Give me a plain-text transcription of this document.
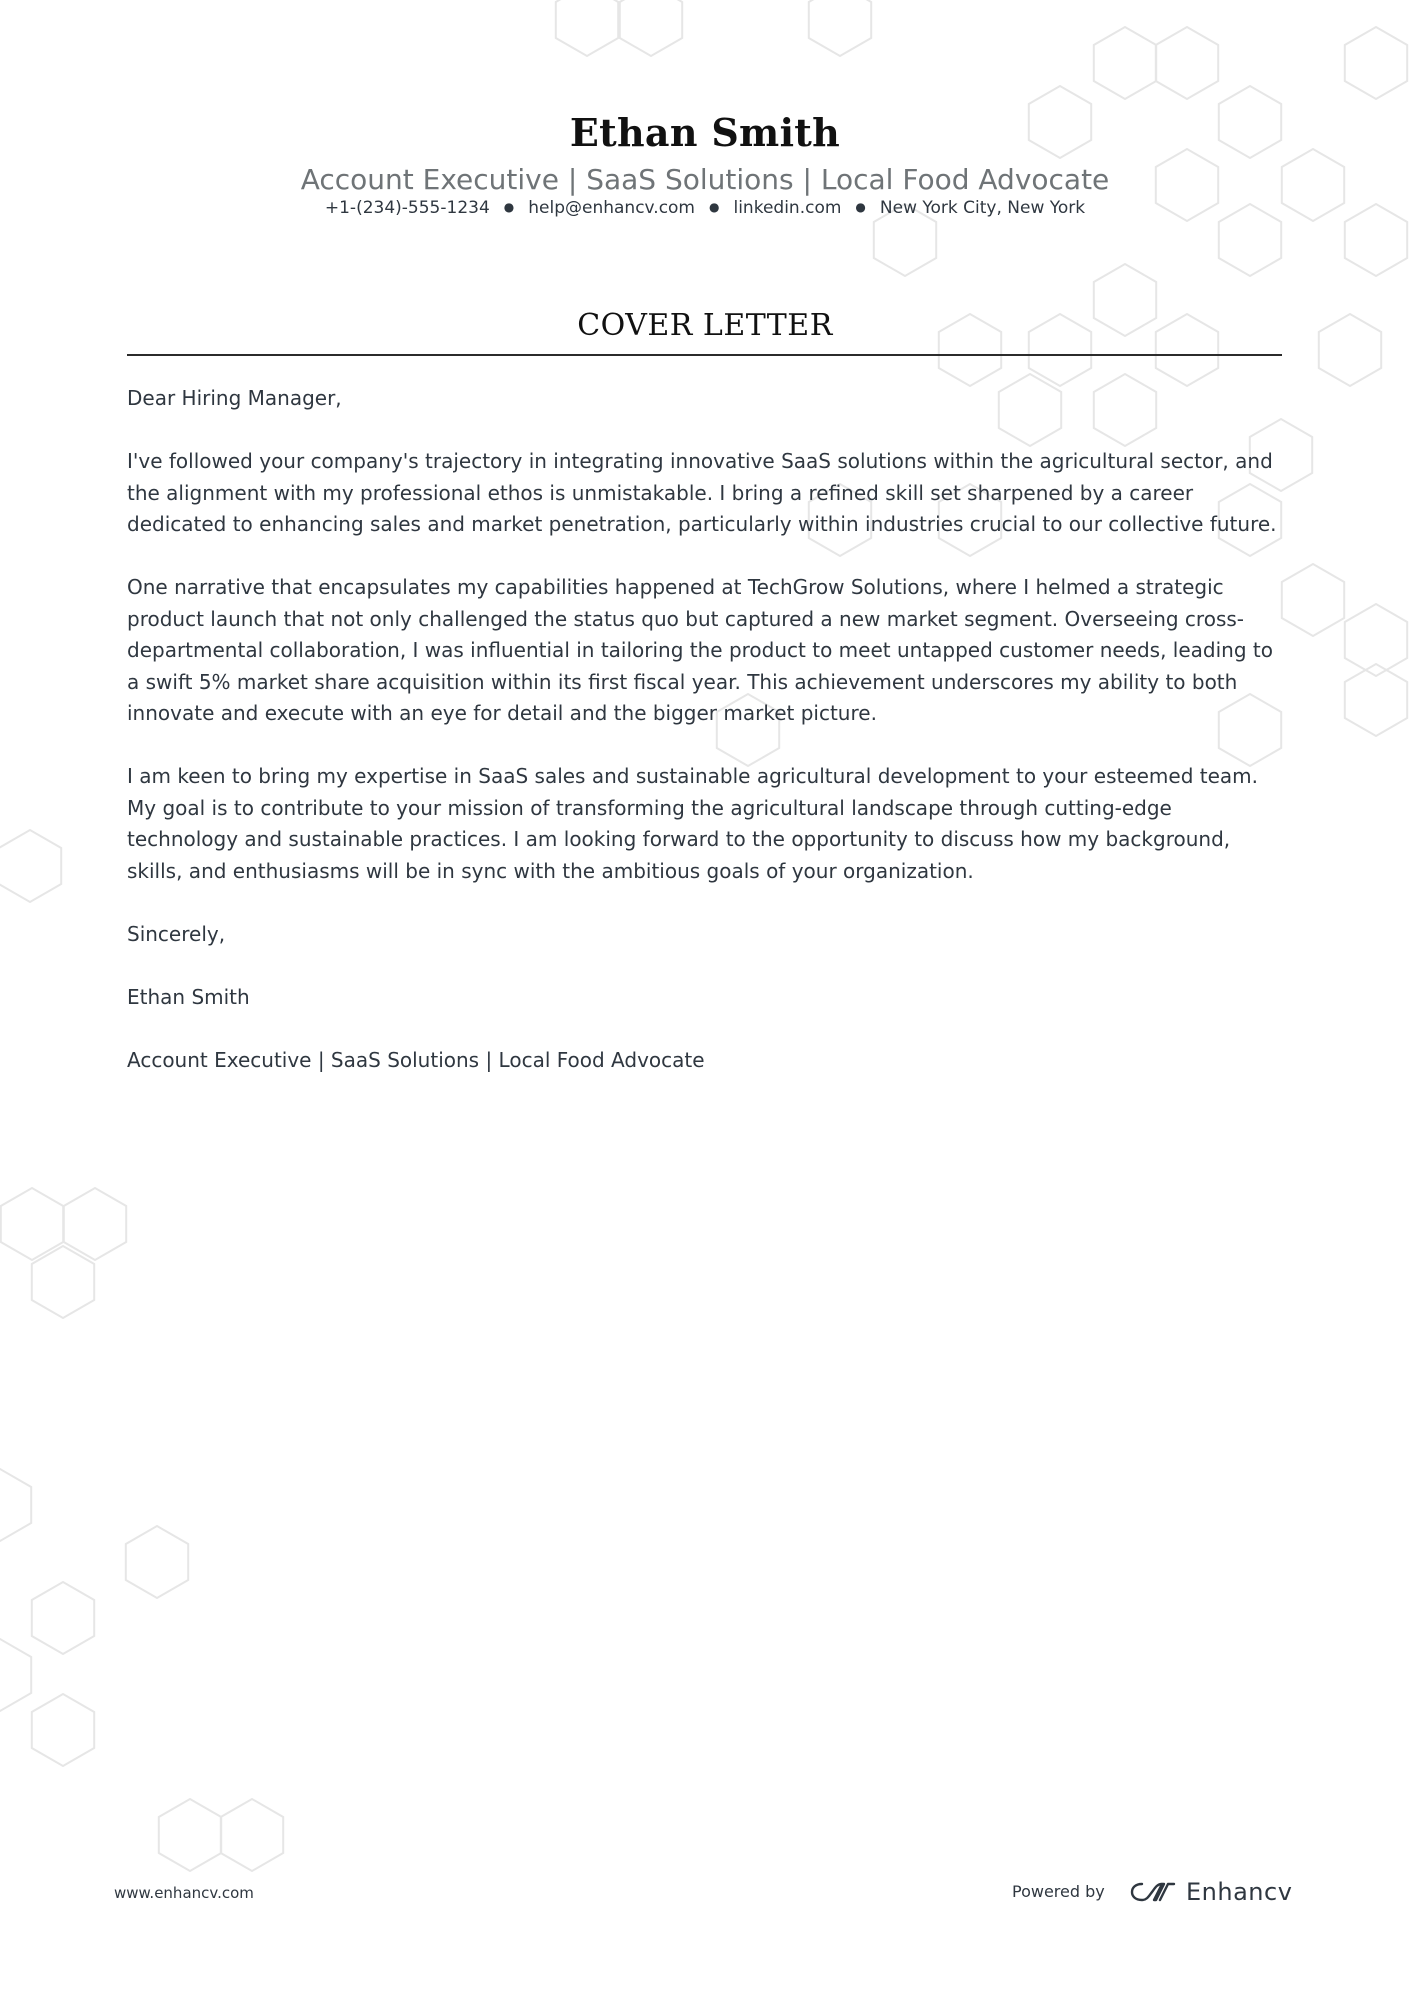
Ethan Smith
Account Executive | SaaS Solutions | Local Food Advocate
+1-(234)-555-1234 ● help@enhancv.com ● linkedin.com ● New York City, New York
COVER LETTER

Dear Hiring Manager,

I've followed your company's trajectory in integrating innovative SaaS solutions within the agricultural sector, and the alignment with my professional ethos is unmistakable. I bring a refined skill set sharpened by a career dedicated to enhancing sales and market penetration, particularly within industries crucial to our collective future.

One narrative that encapsulates my capabilities happened at TechGrow Solutions, where I helmed a strategic product launch that not only challenged the status quo but captured a new market segment. Overseeing cross-departmental collaboration, I was influential in tailoring the product to meet untapped customer needs, leading to a swift 5% market share acquisition within its first fiscal year. This achievement underscores my ability to both innovate and execute with an eye for detail and the bigger market picture.

I am keen to bring my expertise in SaaS sales and sustainable agricultural development to your esteemed team. My goal is to contribute to your mission of transforming the agricultural landscape through cutting-edge technology and sustainable practices. I am looking forward to the opportunity to discuss how my background, skills, and enthusiasms will be in sync with the ambitious goals of your organization.

Sincerely,

Ethan Smith

Account Executive | SaaS Solutions | Local Food Advocate

www.enhancv.com	Powered by	Enhancv
